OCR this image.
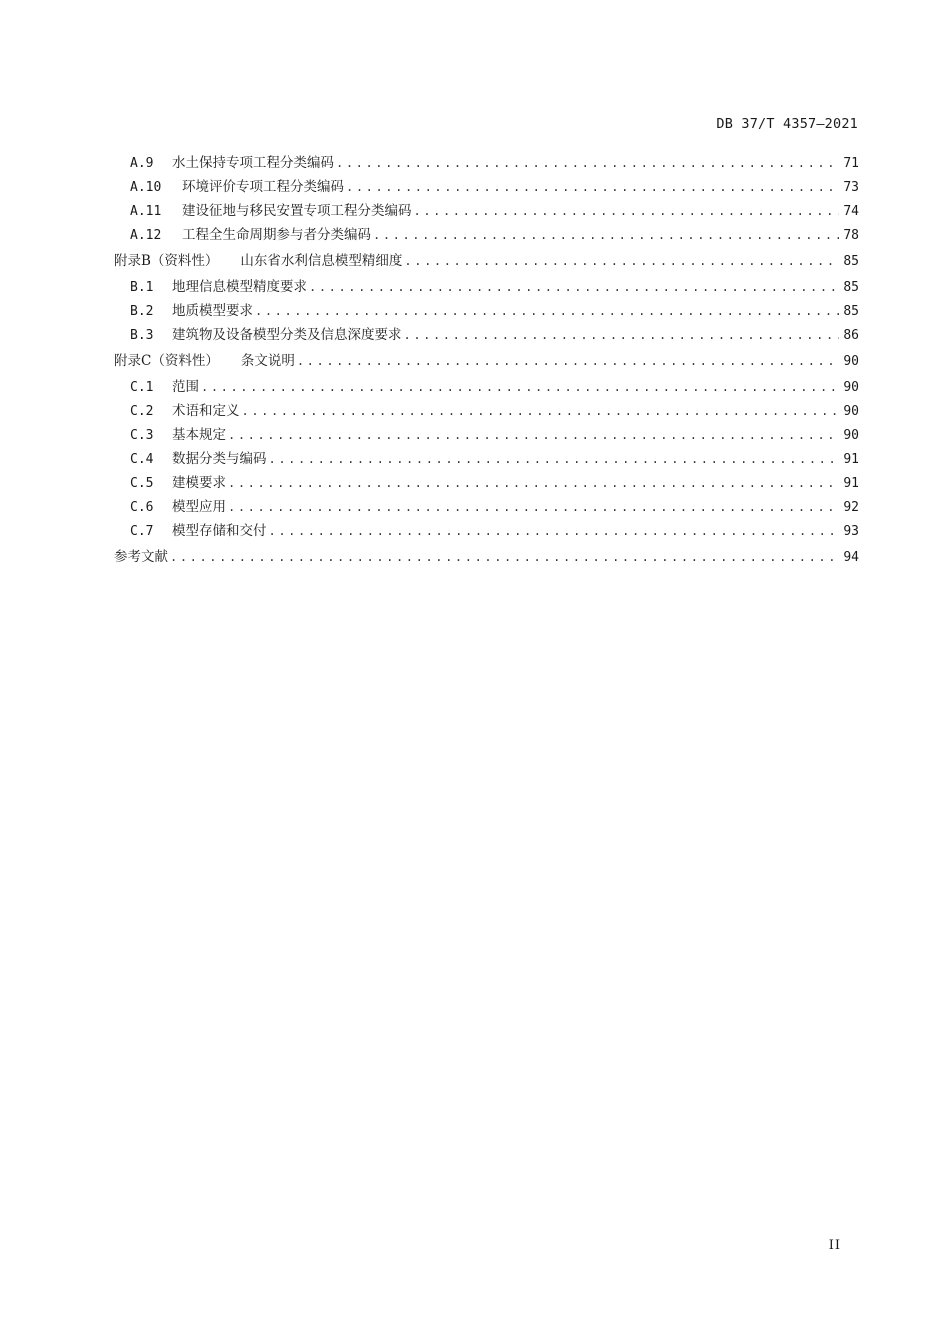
DB 37/T 4357—2021
A.9	水土保持专项工程分类编码 .....	71
A.10	环境评价专项工程分类编码 .....	73
A.11	建设征地与移民安置专项工程分类编码 .....	74
A.12	工程全生命周期参与者分类编码 .....	78
附录B（资料性）	山东省水利信息模型精细度 .....	85
B.1	地理信息模型精度要求 .....	85
B.2	地质模型要求 .....	85
B.3	建筑物及设备模型分类及信息深度要求 .....	86
附录C（资料性）	条文说明 .....	90
C.1	范围 .....	90
C.2	术语和定义 .....	90
C.3	基本规定 .....	90
C.4	数据分类与编码 .....	91
C.5	建模要求 .....	91
C.6	模型应用 .....	92
C.7	模型存储和交付 .....	93
参考文献 .....	94
II
